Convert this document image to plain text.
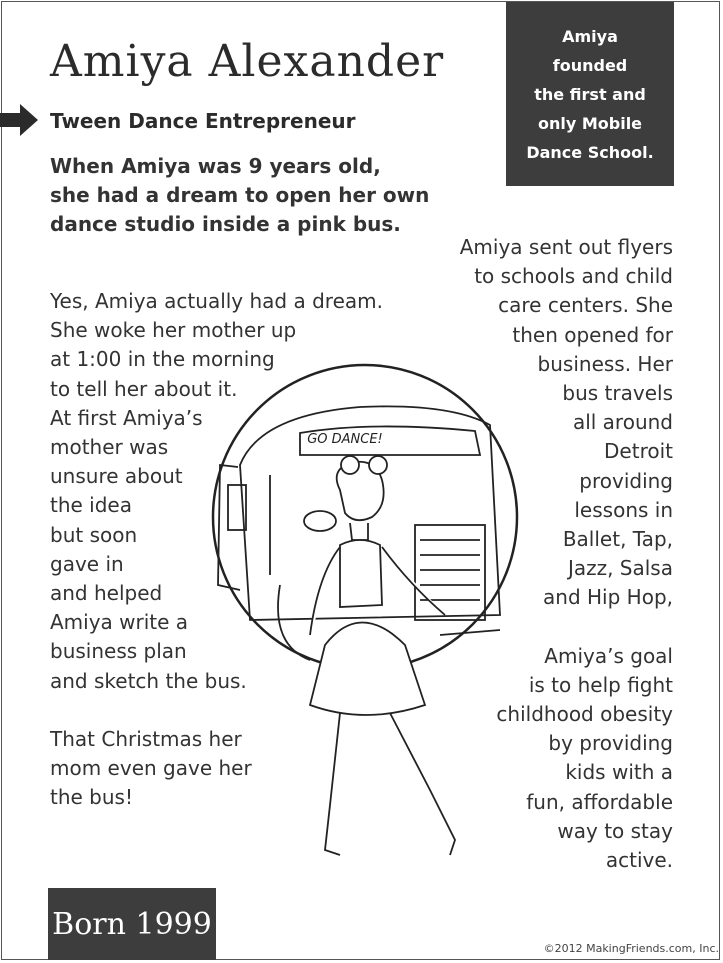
Amiya Alexander
Tween Dance Entrepreneur
When Amiya was 9 years old,
she had a dream to open her own
dance studio inside a pink bus.
Amiya
founded
the first and
only Mobile
Dance School.
Yes, Amiya actually had a dream.
She woke her mother up
at 1:00 in the morning
to tell her about it.
At first Amiya’s
mother was
unsure about
the idea
but soon
gave in
and helped
Amiya write a
business plan
and sketch the bus.
That Christmas her
mom even gave her
the bus!
Amiya sent out flyers
to schools and child
care centers. She
then opened for
business. Her
bus travels
all around
Detroit
providing
lessons in
Ballet, Tap,
Jazz, Salsa
and Hip Hop,
Amiya’s goal
is to help fight
childhood obesity
by providing
kids with a
fun, affordable
way to stay
active.
GO DANCE!
Born 1999
©2012 MakingFriends.com, Inc.
